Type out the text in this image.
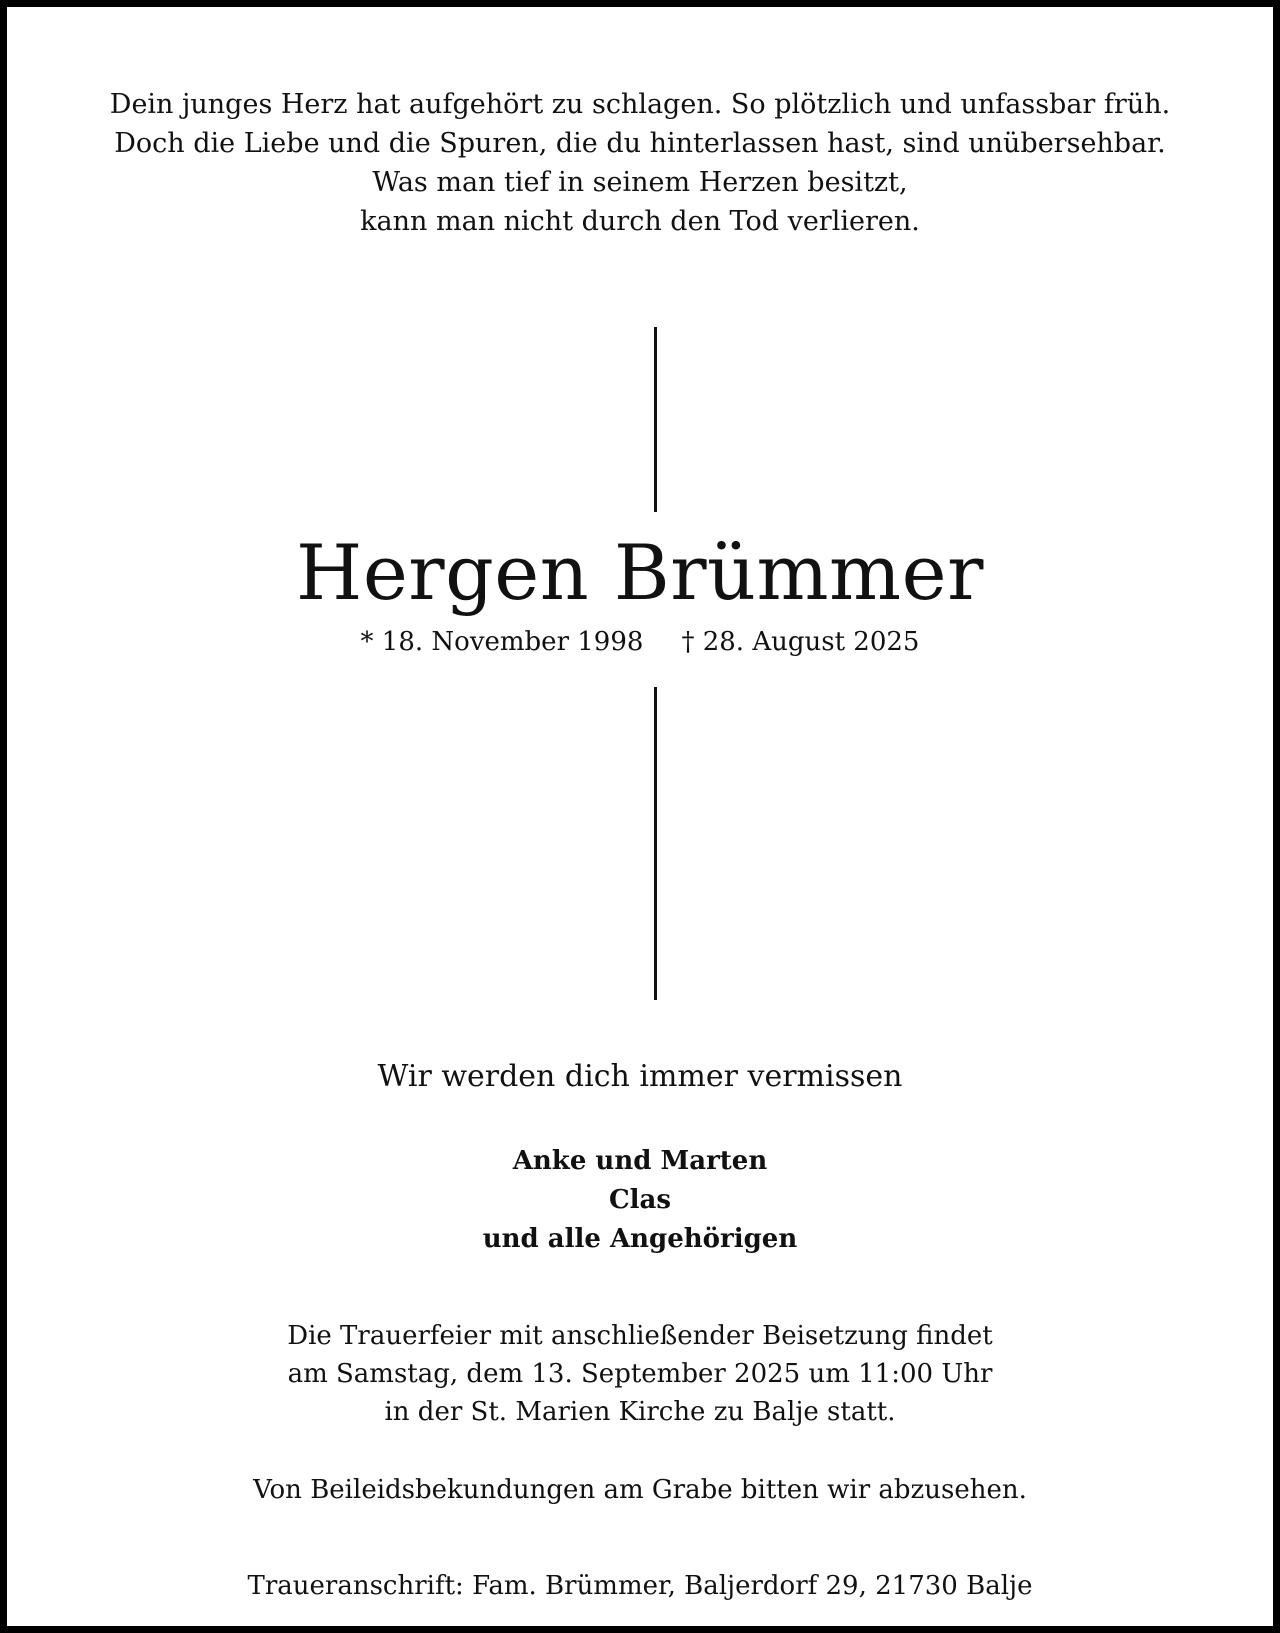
Dein junges Herz hat aufgehört zu schlagen. So plötzlich und unfassbar früh.
Doch die Liebe und die Spuren, die du hinterlassen hast, sind unübersehbar.
Was man tief in seinem Herzen besitzt,
kann man nicht durch den Tod verlieren.
Hergen Brümmer
* 18. November 1998 † 28. August 2025
Wir werden dich immer vermissen
Anke und Marten
Clas
und alle Angehörigen
Die Trauerfeier mit anschließender Beisetzung findet
am Samstag, dem 13. September 2025 um 11:00 Uhr
in der St. Marien Kirche zu Balje statt.
Von Beileidsbekundungen am Grabe bitten wir abzusehen.
Traueranschrift: Fam. Brümmer, Baljerdorf 29, 21730 Balje
